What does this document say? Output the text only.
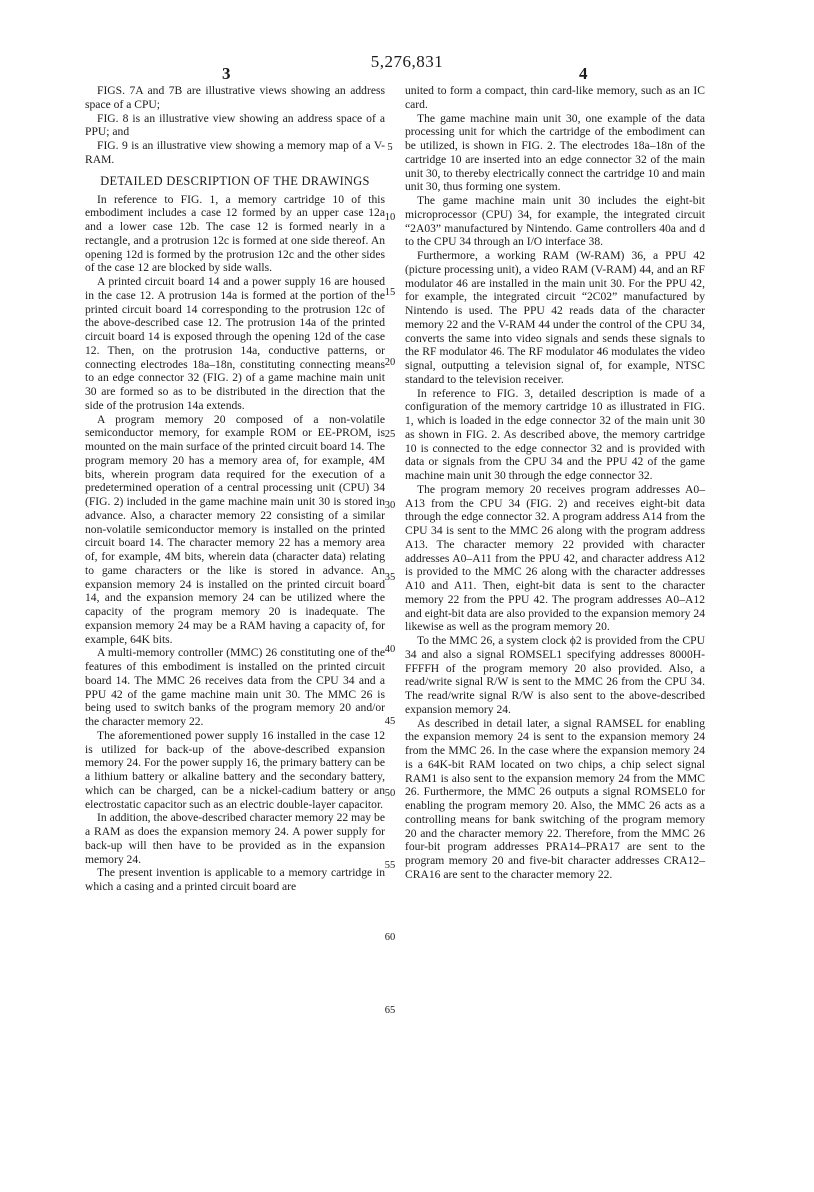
5,276,831
3	4

FIGS. 7A and 7B are illustrative views showing an address space of a CPU;

FIG. 8 is an illustrative view showing an address space of a PPU; and

FIG. 9 is an illustrative view showing a memory map of a V-RAM.

DETAILED DESCRIPTION OF THE DRAWINGS

In reference to FIG. 1, a memory cartridge 10 of this embodiment includes a case 12 formed by an upper case 12a and a lower case 12b. The case 12 is formed nearly in a rectangle, and a protrusion 12c is formed at one side thereof. An opening 12d is formed by the protrusion 12c and the other sides of the case 12 are blocked by side walls.

A printed circuit board 14 and a power supply 16 are housed in the case 12. A protrusion 14a is formed at the portion of the printed circuit board 14 corresponding to the protrusion 12c of the above-described case 12. The protrusion 14a of the printed circuit board 14 is exposed through the opening 12d of the case 12. Then, on the protrusion 14a, conductive patterns, or connecting electrodes 18a–18n, constituting connecting means to an edge connector 32 (FIG. 2) of a game machine main unit 30 are formed so as to be distributed in the direction that the side of the protrusion 14a extends.

A program memory 20 composed of a non-volatile semiconductor memory, for example ROM or EE-PROM, is mounted on the main surface of the printed circuit board 14. The program memory 20 has a memory area of, for example, 4M bits, wherein program data required for the execution of a predetermined operation of a central processing unit (CPU) 34 (FIG. 2) included in the game machine main unit 30 is stored in advance. Also, a character memory 22 consisting of a similar non-volatile semiconductor memory is installed on the printed circuit board 14. The character memory 22 has a memory area of, for example, 4M bits, wherein data (character data) relating to game characters or the like is stored in advance. An expansion memory 24 is installed on the printed circuit board 14, and the expansion memory 24 can be utilized where the capacity of the program memory 20 is inadequate. The expansion memory 24 may be a RAM having a capacity of, for example, 64K bits.

A multi-memory controller (MMC) 26 constituting one of the features of this embodiment is installed on the printed circuit board 14. The MMC 26 receives data from the CPU 34 and a PPU 42 of the game machine main unit 30. The MMC 26 is being used to switch banks of the program memory 20 and/or the character memory 22.

The aforementioned power supply 16 installed in the case 12 is utilized for back-up of the above-described expansion memory 24. For the power supply 16, the primary battery can be a lithium battery or alkaline battery and the secondary battery, which can be charged, can be a nickel-cadium battery or an electrostatic capacitor such as an electric double-layer capacitor.

In addition, the above-described character memory 22 may be a RAM as does the expansion memory 24. A power supply for back-up will then have to be provided as in the expansion memory 24.

The present invention is applicable to a memory cartridge in which a casing and a printed circuit board are

united to form a compact, thin card-like memory, such as an IC card.

The game machine main unit 30, one example of the data processing unit for which the cartridge of the embodiment can be utilized, is shown in FIG. 2. The electrodes 18a–18n of the cartridge 10 are inserted into an edge connector 32 of the main unit 30, to thereby electrically connect the cartridge 10 and main unit 30, thus forming one system.

The game machine main unit 30 includes the eight-bit microprocessor (CPU) 34, for example, the integrated circuit “2A03” manufactured by Nintendo. Game controllers 40a and d to the CPU 34 through an I/O interface 38.

Furthermore, a working RAM (W-RAM) 36, a PPU 42 (picture processing unit), a video RAM (V-RAM) 44, and an RF modulator 46 are installed in the main unit 30. For the PPU 42, for example, the integrated circuit “2C02” manufactured by Nintendo is used. The PPU 42 reads data of the character memory 22 and the V-RAM 44 under the control of the CPU 34, converts the same into video signals and sends these signals to the RF modulator 46. The RF modulator 46 modulates the video signal, outputting a television signal of, for example, NTSC standard to the television receiver.

In reference to FIG. 3, detailed description is made of a configuration of the memory cartridge 10 as illustrated in FIG. 1, which is loaded in the edge connector 32 of the main unit 30 as shown in FIG. 2. As described above, the memory cartridge 10 is connected to the edge connector 32 and is provided with data or signals from the CPU 34 and the PPU 42 of the game machine main unit 30 through the edge connector 32.

The program memory 20 receives program addresses A0–A13 from the CPU 34 (FIG. 2) and receives eight-bit data through the edge connector 32. A program address A14 from the CPU 34 is sent to the MMC 26 along with the program address A13. The character memory 22 provided with character addresses A0–A11 from the PPU 42, and character address A12 is provided to the MMC 26 along with the character addresses A10 and A11. Then, eight-bit data is sent to the character memory 22 from the PPU 42. The program addresses A0–A12 and eight-bit data are also provided to the expansion memory 24 likewise as well as the program memory 20.

To the MMC 26, a system clock ϕ2 is provided from the CPU 34 and also a signal ROMSEL1 specifying addresses 8000H-FFFFH of the program memory 20 also provided. Also, a read/write signal R/W is sent to the MMC 26 from the CPU 34. The read/write signal R/W is also sent to the above-described expansion memory 24.

As described in detail later, a signal RAMSEL for enabling the expansion memory 24 is sent to the expansion memory 24 from the MMC 26. In the case where the expansion memory 24 is a 64K-bit RAM located on two chips, a chip select signal RAM1 is also sent to the expansion memory 24 from the MMC 26. Furthermore, the MMC 26 outputs a signal ROMSEL0 for enabling the program memory 20. Also, the MMC 26 acts as a controlling means for bank switching of the program memory 20 and the character memory 22. Therefore, from the MMC 26 four-bit program addresses PRA14–PRA17 are sent to the program memory 20 and five-bit character addresses CRA12–CRA16 are sent to the character memory 22.

5
10
15
20
25
30
35
40
45
50
55
60
65
